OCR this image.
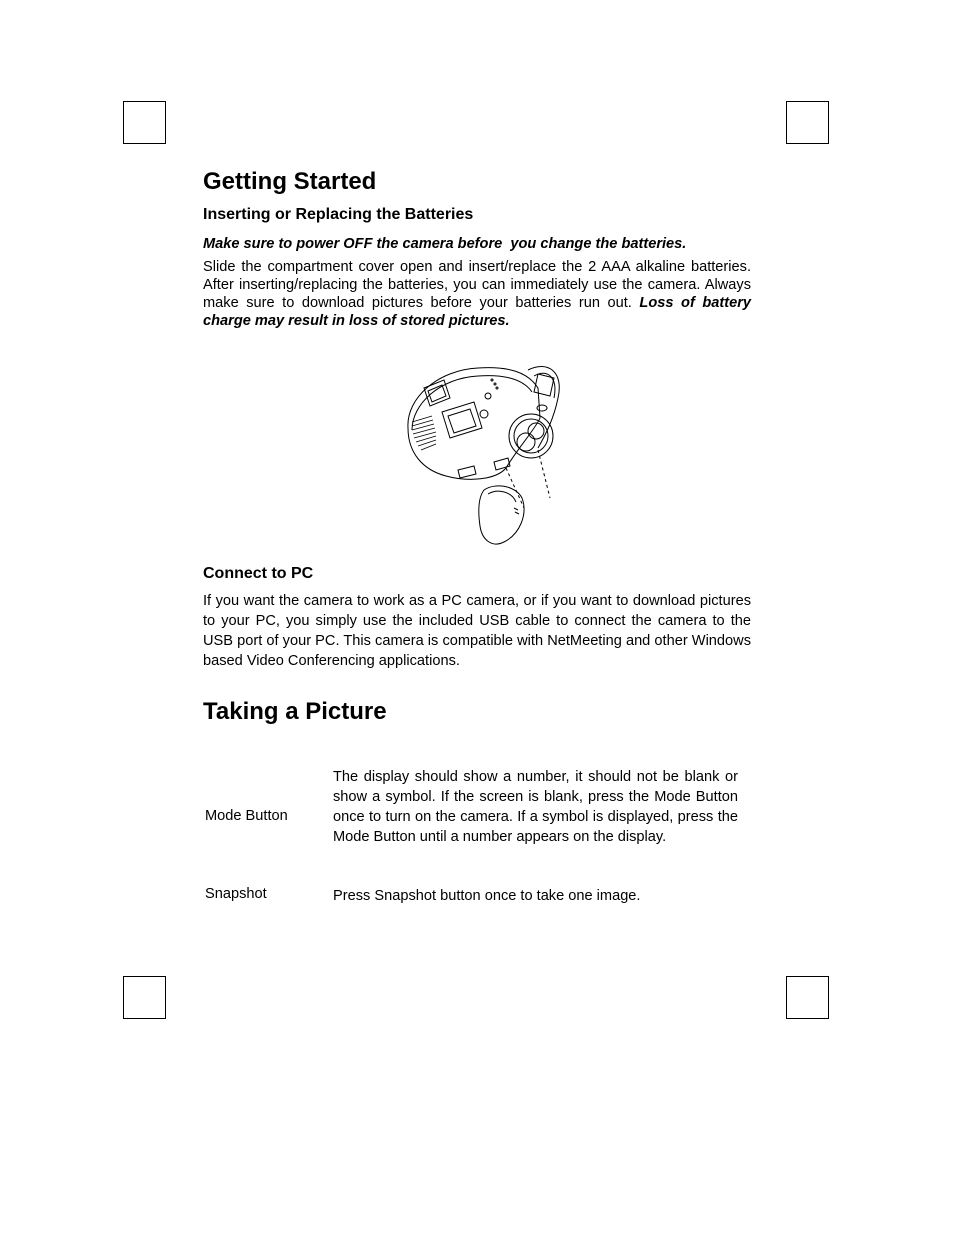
Getting Started
Inserting or Replacing the Batteries

Make sure to power OFF the camera before  you change the batteries.

Slide the compartment cover open and insert/replace the 2 AAA alkaline batteries. After inserting/replacing the batteries, you can immediately use the camera. Always make sure to download pictures before your batteries run out. Loss of battery charge may result in loss of stored pictures.

Connect to PC

If you want the camera to work as a PC camera, or if you want to download pictures to your PC, you simply use the included USB cable to connect the camera to the USB port of your PC. This camera is compatible with NetMeeting and other Windows based Video Conferencing applications.

Taking a Picture
Mode Button
The display should show a number, it should not be blank or show a symbol. If the screen is blank, press the Mode Button once to turn on the camera. If a symbol is displayed, press the Mode Button until a number appears on the display.
Snapshot	Press Snapshot button once to take one image.
